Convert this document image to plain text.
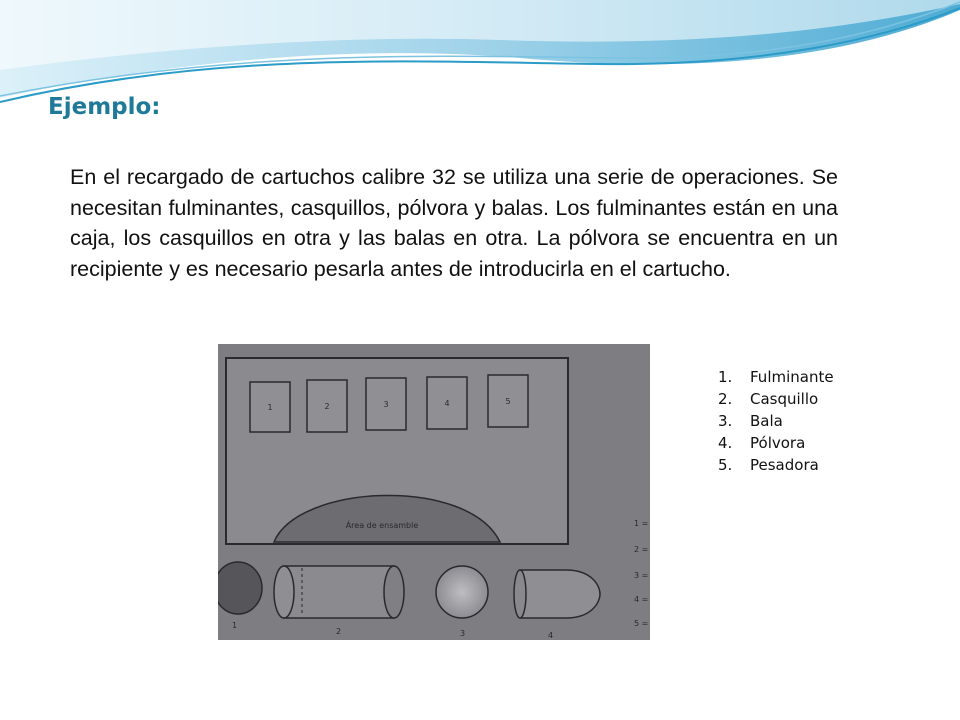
Ejemplo:

En el recargado de cartuchos calibre 32 se utiliza una serie de operaciones. Se necesitan fulminantes, casquillos, pólvora y balas. Los fulminantes están en una caja, los casquillos en otra y las balas en otra. La pólvora se encuentra en un recipiente y es necesario pesarla antes de introducirla en el cartucho.

1	2	3	4	5
Área de ensamble	1 =
2 =
3 =
4 =
5 =
1
2	3	4
1.	Fulminante
2.	Casquillo
3.	Bala
4.	Pólvora
5.	Pesadora
